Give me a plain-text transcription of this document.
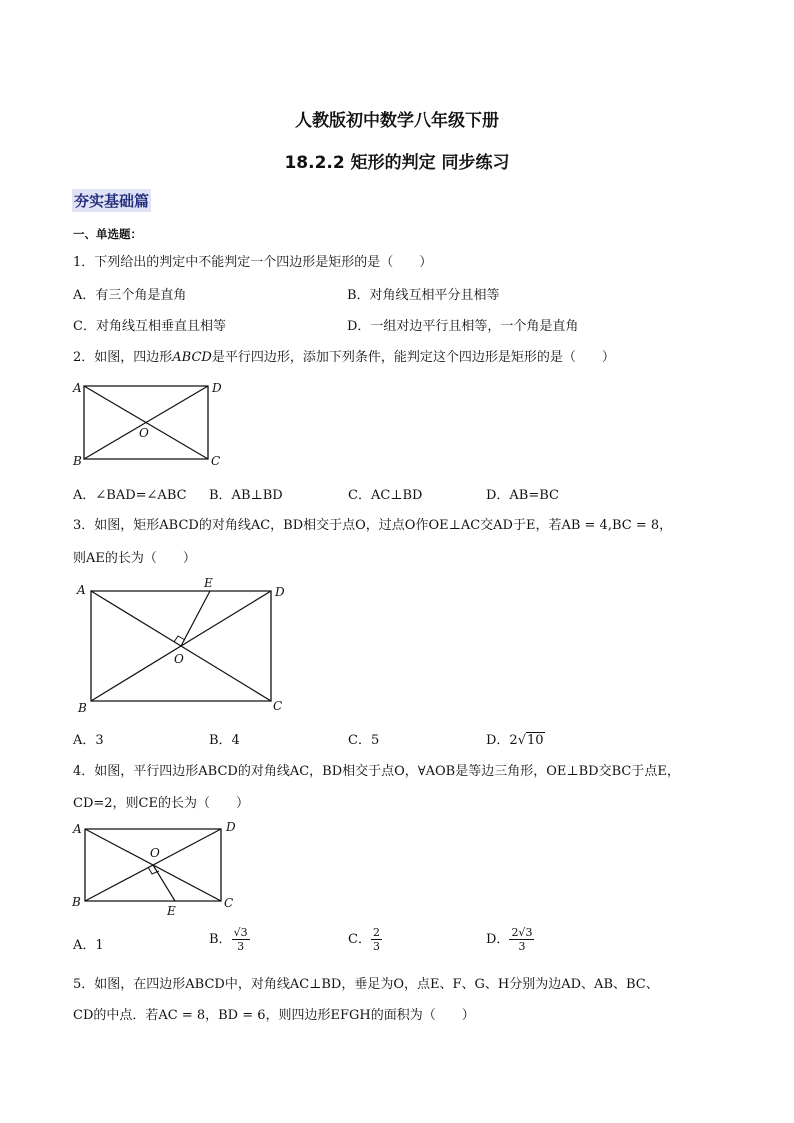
人教版初中数学八年级下册
18.2.2 矩形的判定 同步练习
夯实基础篇
一、单选题：
1．下列给出的判定中不能判定一个四边形是矩形的是（　　）
A．有三个角是直角	B．对角线互相平分且相等
C．对角线互相垂直且相等	D．一组对边平行且相等，一个角是直角
2．如图，四边形ABCD是平行四边形，添加下列条件，能判定这个四边形是矩形的是（　　）
A	D
B	C
O
A．∠BAD=∠ABC B．AB⊥BD	C．AC⊥BD	D．AB=BC
3．如图，矩形ABCD的对角线AC，BD相交于点O，过点O作OE⊥AC交AD于E，若AB = 4,BC = 8，
则AE的长为（　　）
A	D
B	C
E
O
A．3	B．4	C．5	D．2√10
4．如图，平行四边形ABCD的对角线AC，BD相交于点O，∀AOB是等边三角形，OE⊥BD交BC于点E，
CD=2，则CE的长为（　　）
A	D
B	C
E
O
A．1	B． $\frac{√3}{3}$	C． $\frac{2}{3}$	D． $\frac{2√3}{3}$
5．如图，在四边形ABCD中，对角线AC⊥BD，垂足为O，点E、F、G、H分别为边AD、AB、BC、
CD的中点．若AC = 8，BD = 6，则四边形EFGH的面积为（　　）
